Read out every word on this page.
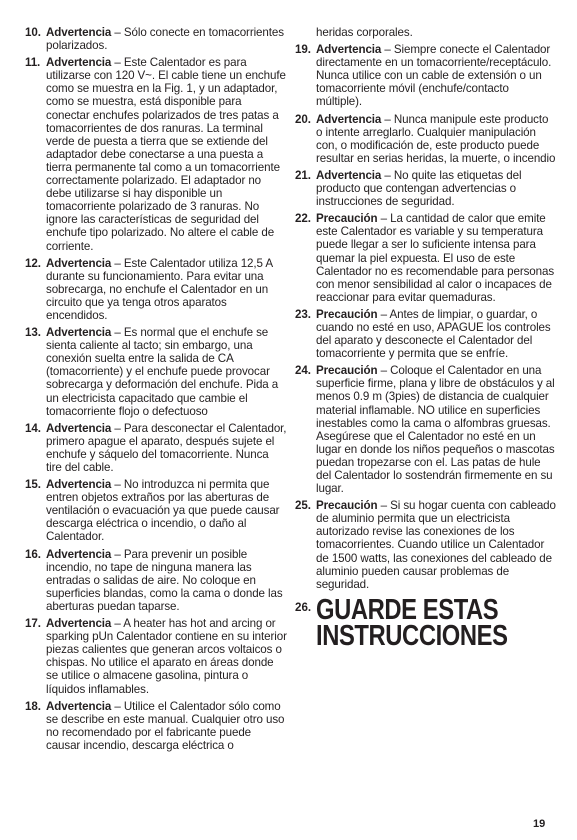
10. Advertencia – Sólo conecte en tomacorrientes polarizados.
11. Advertencia – Este Calentador es para utilizarse con 120 V~. El cable tiene un enchufe como se muestra en la Fig. 1, y un adaptador, como se muestra, está disponible para conectar enchufes polarizados de tres patas a tomacorrientes de dos ranuras. La terminal verde de puesta a tierra que se extiende del adaptador debe conectarse a una puesta a tierra permanente tal como a un tomacorriente correctamente polarizado. El adaptador no debe utilizarse si hay disponible un tomacorriente polarizado de 3 ranuras. No ignore las características de seguridad del enchufe tipo polarizado. No altere el cable de corriente.
12. Advertencia – Este Calentador utiliza 12,5 A durante su funcionamiento. Para evitar una sobrecarga, no enchufe el Calentador en un circuito que ya tenga otros aparatos encendidos.
13. Advertencia – Es normal que el enchufe se sienta caliente al tacto; sin embargo, una conexión suelta entre la salida de CA (tomacorriente) y el enchufe puede provocar sobrecarga y deformación del enchufe. Pida a un electricista capacitado que cambie el tomacorriente flojo o defectuoso
14. Advertencia – Para desconectar el Calentador, primero apague el aparato, después sujete el enchufe y sáquelo del tomacorriente. Nunca tire del cable.
15. Advertencia – No introduzca ni permita que entren objetos extraños por las aberturas de ventilación o evacuación ya que puede causar descarga eléctrica o incendio, o daño al Calentador.
16. Advertencia – Para prevenir un posible incendio, no tape de ninguna manera las entradas o salidas de aire. No coloque en superficies blandas, como la cama o donde las aberturas puedan taparse.
17. Advertencia – A heater has hot and arcing or sparking pUn Calentador contiene en su interior piezas calientes que generan arcos voltaicos o chispas. No utilice el aparato en áreas donde se utilice o almacene gasolina, pintura o líquidos inflamables.
18. Advertencia – Utilice el Calentador sólo como se describe en este manual. Cualquier otro uso no recomendado por el fabricante puede causar incendio, descarga eléctrica o
heridas corporales.
19. Advertencia – Siempre conecte el Calentador directamente en un tomacorriente/receptáculo. Nunca utilice con un cable de extensión o un tomacorriente móvil (enchufe/contacto múltiple).
20. Advertencia – Nunca manipule este producto o intente arreglarlo. Cualquier manipulación con, o modificación de, este producto puede resultar en serias heridas, la muerte, o incendio
21. Advertencia – No quite las etiquetas del producto que contengan advertencias o instrucciones de seguridad.
22. Precaución – La cantidad de calor que emite este Calentador es variable y su temperatura puede llegar a ser lo suficiente intensa para quemar la piel expuesta. El uso de este Calentador no es recomendable para personas con menor sensibilidad al calor o incapaces de reaccionar para evitar quemaduras.
23. Precaución – Antes de limpiar, o guardar, o cuando no esté en uso, APAGUE los controles del aparato y desconecte el Calentador del tomacorriente y permita que se enfríe.
24. Precaución – Coloque el Calentador en una superficie firme, plana y libre de obstáculos y al menos 0.9 m (3pies) de distancia de cualquier material inflamable. NO utilice en superficies inestables como la cama o alfombras gruesas. Asegúrese que el Calentador no esté en un lugar en donde los niños pequeños o mascotas puedan tropezarse con el. Las patas de hule del Calentador lo sostendrán firmemente en su lugar.
25. Precaución – Si su hogar cuenta con cableado de aluminio permita que un electricista autorizado revise las conexiones de los tomacorrientes. Cuando utilice un Calentador de 1500 watts, las conexiones del cableado de aluminio pueden causar problemas de seguridad.
26. GUARDE ESTAS
INSTRUCCIONES
19
